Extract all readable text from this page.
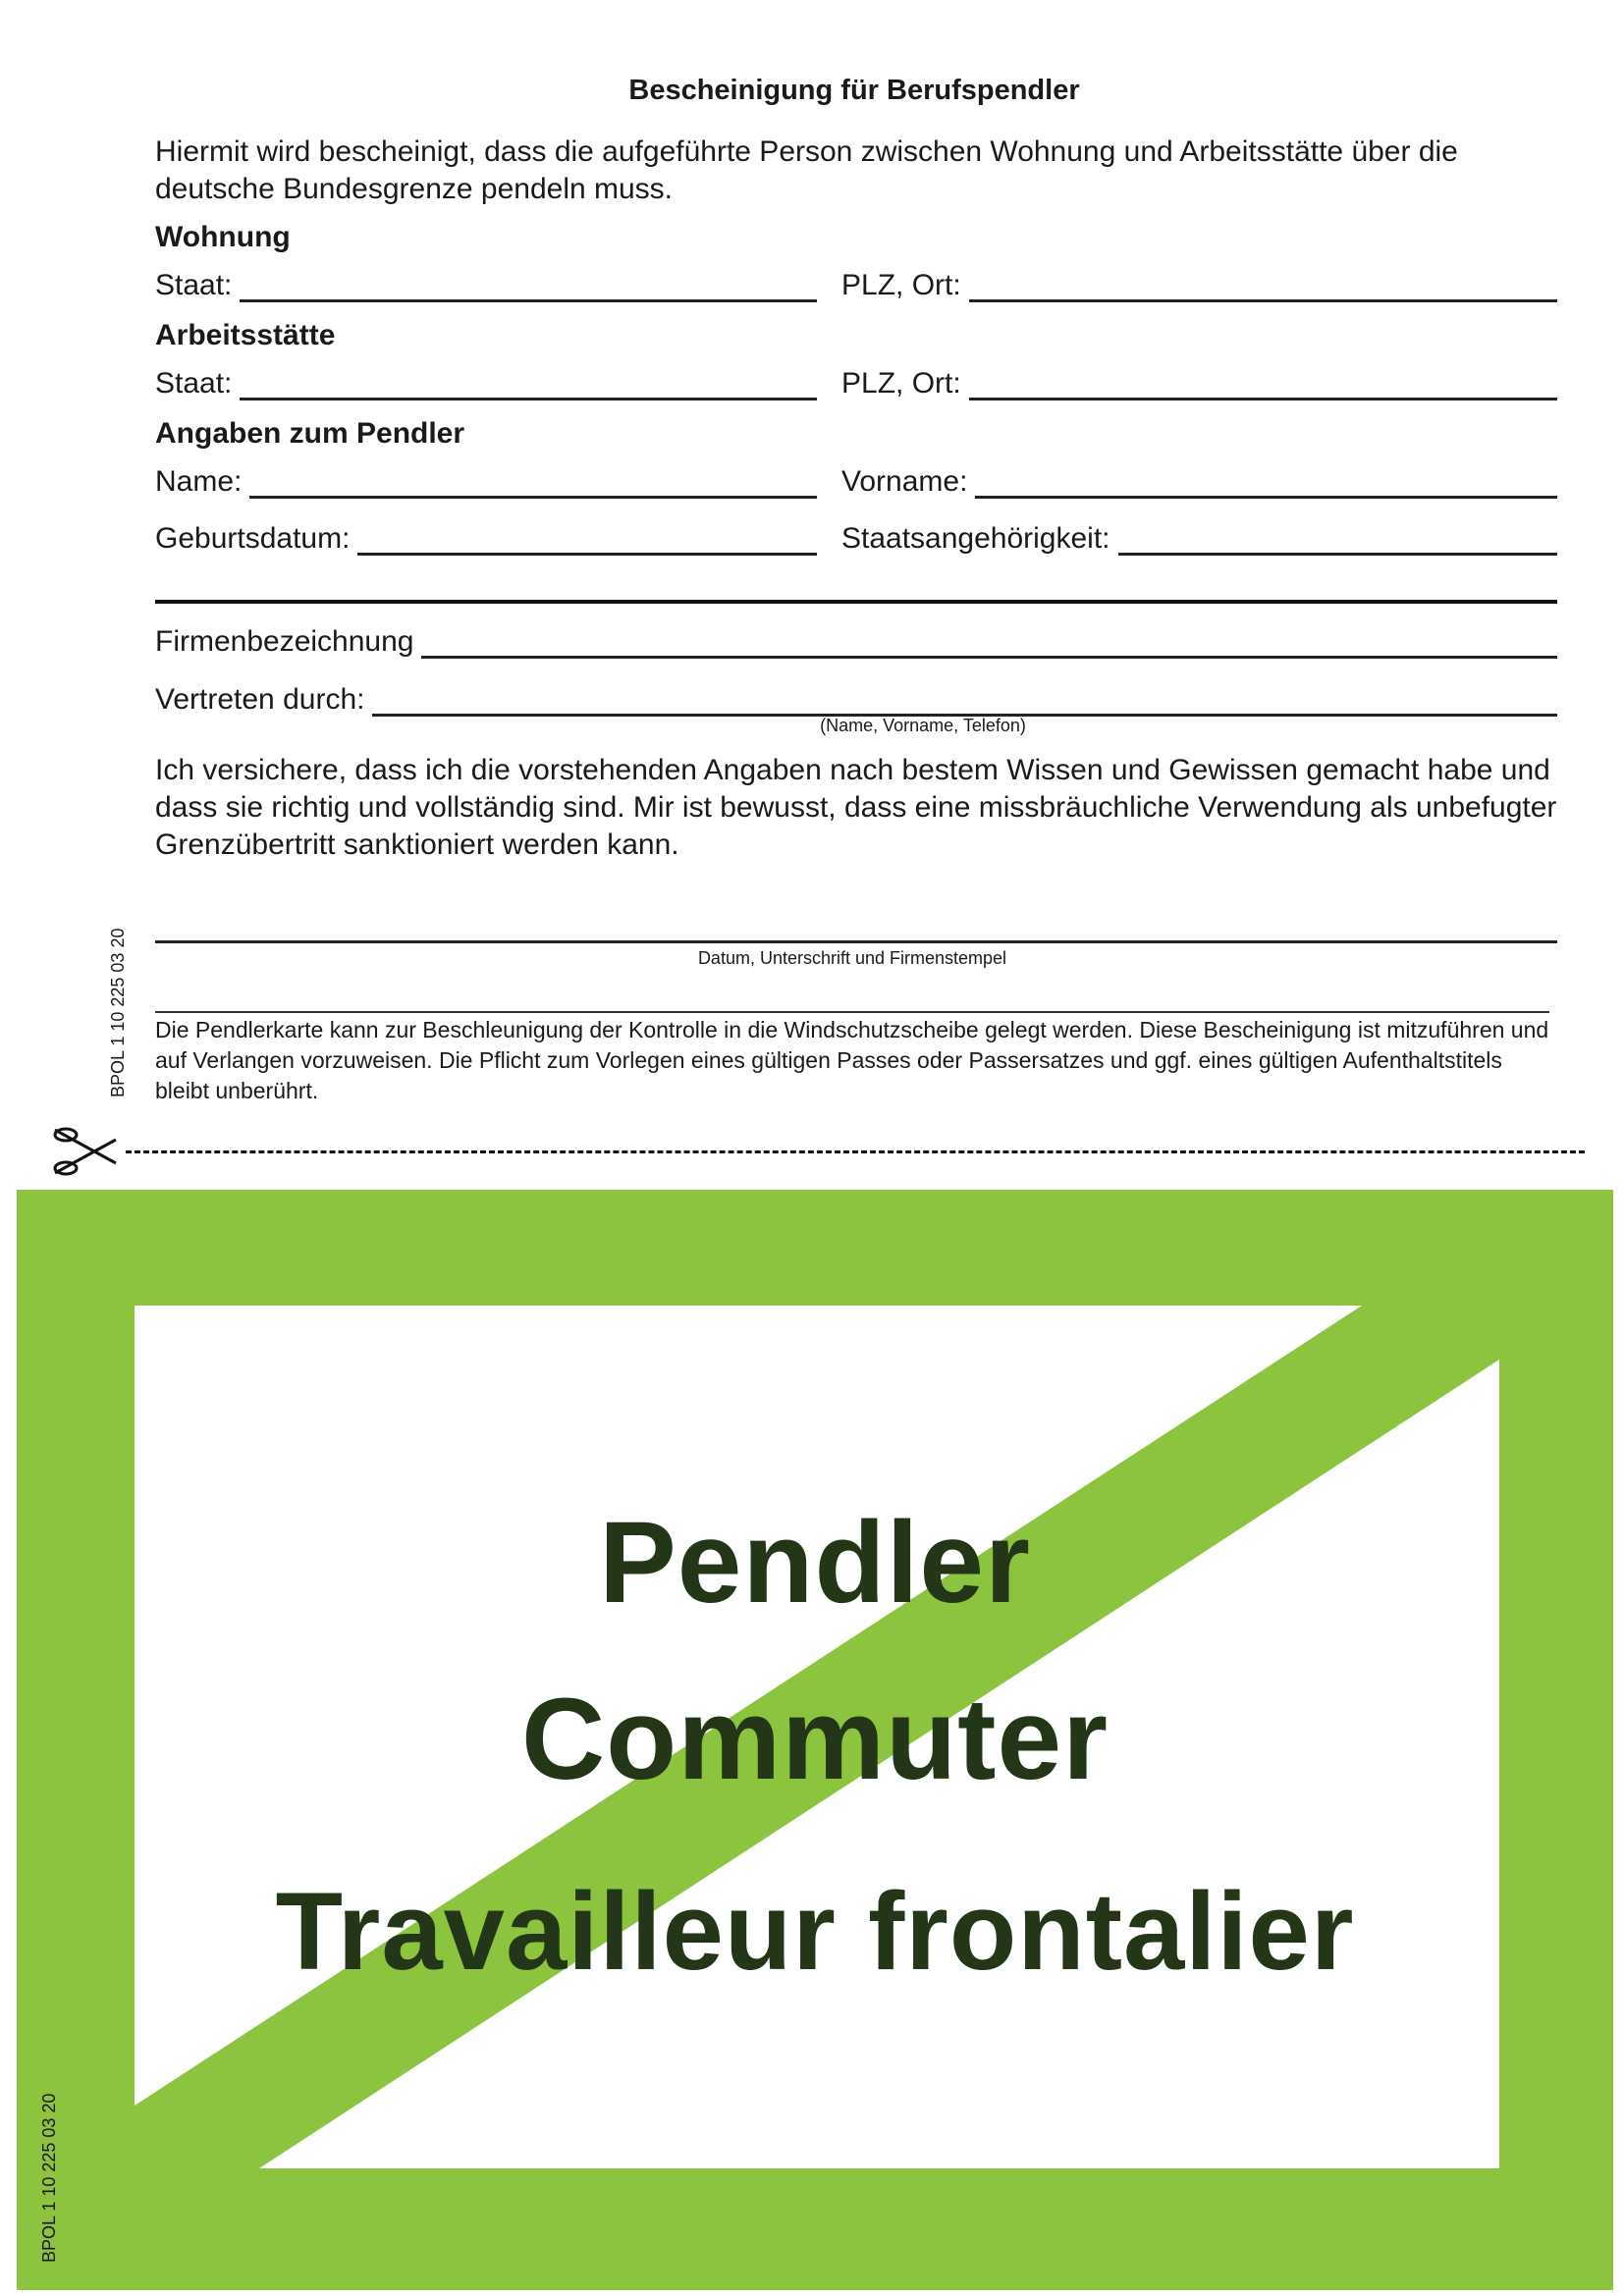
Bescheinigung für Berufspendler
Hiermit wird bescheinigt, dass die aufgeführte Person zwischen Wohnung und Arbeitsstätte über die deutsche Bundesgrenze pendeln muss.
Wohnung
Staat:	PLZ, Ort:
Arbeitsstätte
Staat:	PLZ, Ort:
Angaben zum Pendler
Name:	Vorname:
Geburtsdatum:	Staatsangehörigkeit:
Firmenbezeichnung
Vertreten durch:
(Name, Vorname, Telefon)
Ich versichere, dass ich die vorstehenden Angaben nach bestem Wissen und Gewissen gemacht habe und dass sie richtig und vollständig sind. Mir ist bewusst, dass eine missbräuchliche Verwendung als unbefugter Grenzübertritt sanktioniert werden kann.
Datum, Unterschrift und Firmenstempel
Die Pendlerkarte kann zur Beschleunigung der Kontrolle in die Windschutzscheibe gelegt werden. Diese Bescheinigung ist mitzuführen und auf Verlangen vorzuweisen. Die Pflicht zum Vorlegen eines gültigen Passes oder Passersatzes und ggf. eines gültigen Aufenthaltstitels bleibt unberührt.
BPOL 1 10 225 03 20
Pendler
Commuter
Travailleur frontalier
BPOL 1 10 225 03 20
